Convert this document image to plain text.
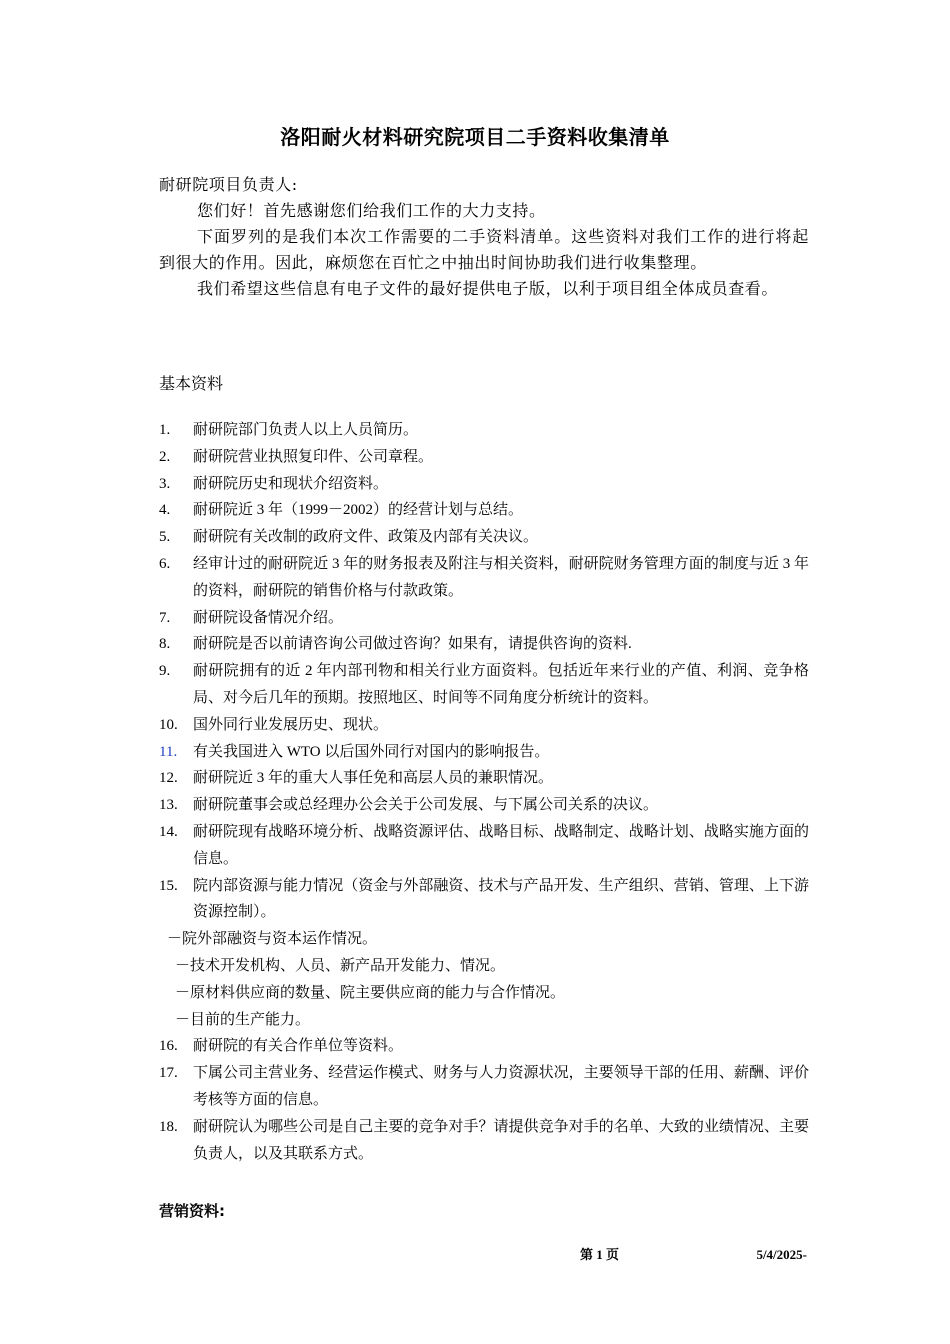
洛阳耐火材料研究院项目二手资料收集清单

耐研院项目负责人:

您们好！首先感谢您们给我们工作的大力支持。

下面罗列的是我们本次工作需要的二手资料清单。这些资料对我们工作的进行将起到很大的作用。因此，麻烦您在百忙之中抽出时间协助我们进行收集整理。

我们希望这些信息有电子文件的最好提供电子版，以利于项目组全体成员查看。

基本资料
1.	耐研院部门负责人以上人员简历。
2.	耐研院营业执照复印件、公司章程。
3.	耐研院历史和现状介绍资料。
4.	耐研院近 3 年（1999－2002）的经营计划与总结。
5.	耐研院有关改制的政府文件、政策及内部有关决议。
6.	经审计过的耐研院近 3 年的财务报表及附注与相关资料，耐研院财务管理方面的制度与近 3 年的资料，耐研院的销售价格与付款政策。
7.	耐研院设备情况介绍。
8.	耐研院是否以前请咨询公司做过咨询？如果有，请提供咨询的资料.
9.	耐研院拥有的近 2 年内部刊物和相关行业方面资料。包括近年来行业的产值、利润、竞争格局、对今后几年的预期。按照地区、时间等不同角度分析统计的资料。
10.	国外同行业发展历史、现状。
11.	有关我国进入 WTO 以后国外同行对国内的影响报告。
12.	耐研院近 3 年的重大人事任免和高层人员的兼职情况。
13.	耐研院董事会或总经理办公会关于公司发展、与下属公司关系的决议。
14.	耐研院现有战略环境分析、战略资源评估、战略目标、战略制定、战略计划、战略实施方面的信息。
15.	院内部资源与能力情况（资金与外部融资、技术与产品开发、生产组织、营销、管理、上下游资源控制）。
－院外部融资与资本运作情况。
－技术开发机构、人员、新产品开发能力、情况。
－原材料供应商的数量、院主要供应商的能力与合作情况。
－目前的生产能力。
16.	耐研院的有关合作单位等资料。
17.	下属公司主营业务、经营运作模式、财务与人力资源状况，主要领导干部的任用、薪酬、评价考核等方面的信息。
18.	耐研院认为哪些公司是自己主要的竞争对手？请提供竞争对手的名单、大致的业绩情况、主要负责人，以及其联系方式。
营销资料:
第 1 页	5/4/2025-
